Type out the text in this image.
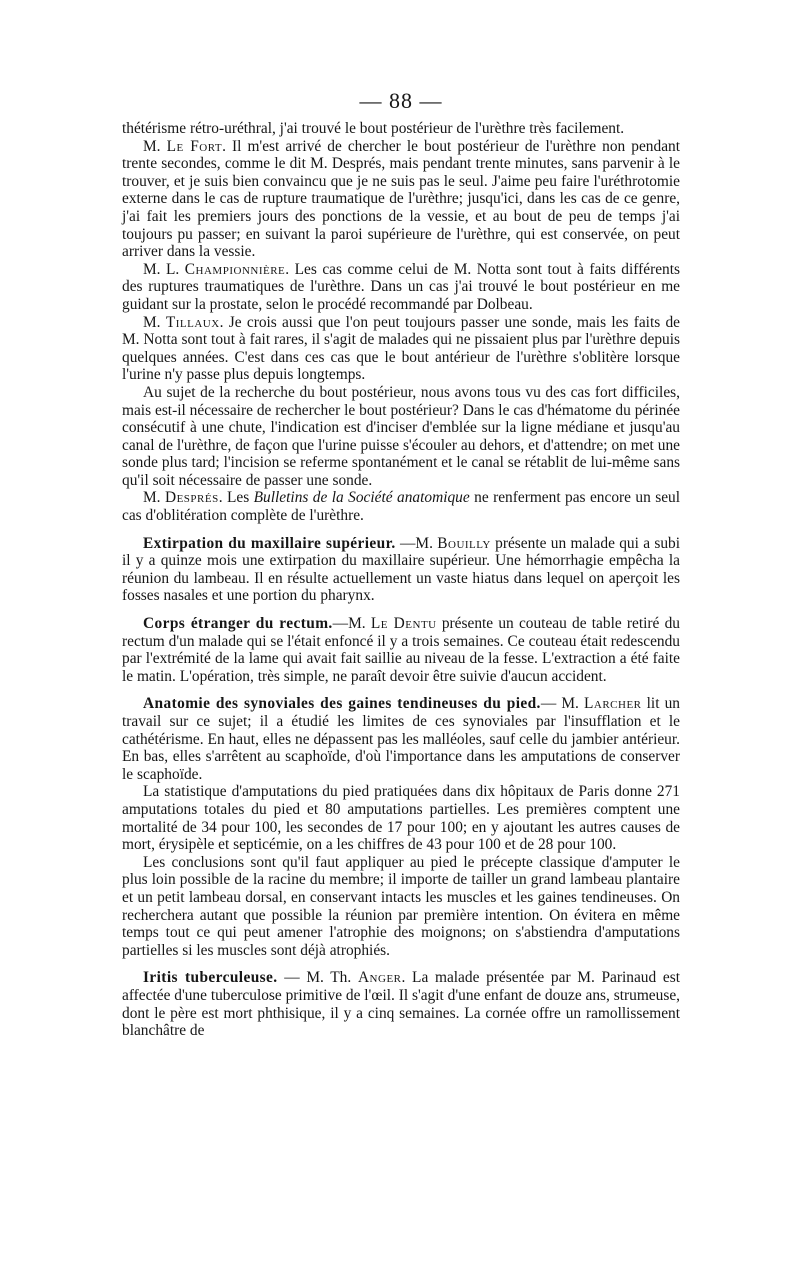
— 88 —

thétérisme rétro-uréthral, j'ai trouvé le bout postérieur de l'urèthre très facilement.

M. Le Fort. Il m'est arrivé de chercher le bout postérieur de l'urèthre non pendant trente secondes, comme le dit M. Després, mais pendant trente minutes, sans parvenir à le trouver, et je suis bien convaincu que je ne suis pas le seul. J'aime peu faire l'uréthrotomie externe dans le cas de rupture traumatique de l'urèthre; jusqu'ici, dans les cas de ce genre, j'ai fait les premiers jours des ponctions de la vessie, et au bout de peu de temps j'ai toujours pu passer; en suivant la paroi supérieure de l'urèthre, qui est conservée, on peut arriver dans la vessie.

M. L. Championnière. Les cas comme celui de M. Notta sont tout à faits différents des ruptures traumatiques de l'urèthre. Dans un cas j'ai trouvé le bout postérieur en me guidant sur la prostate, selon le procédé recommandé par Dolbeau.

M. Tillaux. Je crois aussi que l'on peut toujours passer une sonde, mais les faits de M. Notta sont tout à fait rares, il s'agit de malades qui ne pissaient plus par l'urèthre depuis quelques années. C'est dans ces cas que le bout antérieur de l'urèthre s'oblitère lorsque l'urine n'y passe plus depuis longtemps.

Au sujet de la recherche du bout postérieur, nous avons tous vu des cas fort difficiles, mais est-il nécessaire de rechercher le bout postérieur? Dans le cas d'hématome du périnée consécutif à une chute, l'indication est d'inciser d'emblée sur la ligne médiane et jusqu'au canal de l'urèthre, de façon que l'urine puisse s'écouler au dehors, et d'attendre; on met une sonde plus tard; l'incision se referme spontanément et le canal se rétablit de lui-même sans qu'il soit nécessaire de passer une sonde.

M. Després. Les Bulletins de la Société anatomique ne renferment pas encore un seul cas d'oblitération complète de l'urèthre.

Extirpation du maxillaire supérieur. —M. Bouilly présente un malade qui a subi il y a quinze mois une extirpation du maxillaire supérieur. Une hémorrhagie empêcha la réunion du lambeau. Il en résulte actuellement un vaste hiatus dans lequel on aperçoit les fosses nasales et une portion du pharynx.

Corps étranger du rectum.—M. Le Dentu présente un couteau de table retiré du rectum d'un malade qui se l'était enfoncé il y a trois semaines. Ce couteau était redescendu par l'extrémité de la lame qui avait fait saillie au niveau de la fesse. L'extraction a été faite le matin. L'opération, très simple, ne paraît devoir être suivie d'aucun accident.

Anatomie des synoviales des gaines tendineuses du pied.— M. Larcher lit un travail sur ce sujet; il a étudié les limites de ces synoviales par l'insufflation et le cathétérisme. En haut, elles ne dépassent pas les malléoles, sauf celle du jambier antérieur. En bas, elles s'arrêtent au scaphoïde, d'où l'importance dans les amputations de conserver le scaphoïde.

La statistique d'amputations du pied pratiquées dans dix hôpitaux de Paris donne 271 amputations totales du pied et 80 amputations partielles. Les premières comptent une mortalité de 34 pour 100, les secondes de 17 pour 100; en y ajoutant les autres causes de mort, érysipèle et septicémie, on a les chiffres de 43 pour 100 et de 28 pour 100.

Les conclusions sont qu'il faut appliquer au pied le précepte classique d'amputer le plus loin possible de la racine du membre; il importe de tailler un grand lambeau plantaire et un petit lambeau dorsal, en conservant intacts les muscles et les gaines tendineuses. On recherchera autant que possible la réunion par première intention. On évitera en même temps tout ce qui peut amener l'atrophie des moignons; on s'abstiendra d'amputations partielles si les muscles sont déjà atrophiés.

Iritis tuberculeuse. — M. Th. Anger. La malade présentée par M. Parinaud est affectée d'une tuberculose primitive de l'œil. Il s'agit d'une enfant de douze ans, strumeuse, dont le père est mort phthisique, il y a cinq semaines. La cornée offre un ramollissement blanchâtre de
